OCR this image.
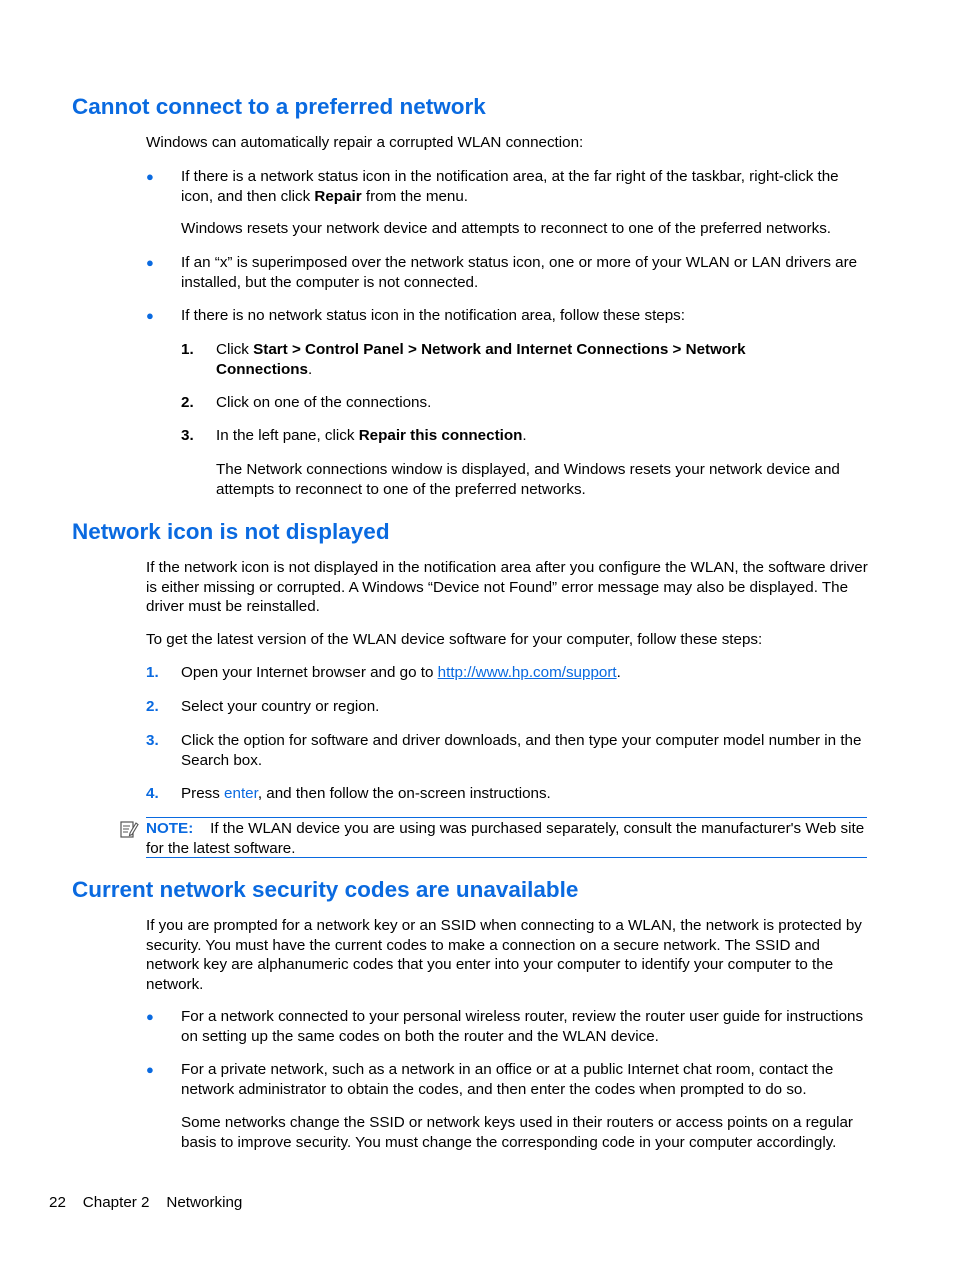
Cannot connect to a preferred network

Windows can automatically repair a corrupted WLAN connection:

● If there is a network status icon in the notification area, at the far right of the taskbar, right-click the icon, and then click Repair from the menu.

Windows resets your network device and attempts to reconnect to one of the preferred networks.

● If an “x” is superimposed over the network status icon, one or more of your WLAN or LAN drivers are installed, but the computer is not connected.

● If there is no network status icon in the notification area, follow these steps:

1. Click Start > Control Panel > Network and Internet Connections > Network Connections.

2. Click on one of the connections.

3. In the left pane, click Repair this connection.

The Network connections window is displayed, and Windows resets your network device and attempts to reconnect to one of the preferred networks.

Network icon is not displayed

If the network icon is not displayed in the notification area after you configure the WLAN, the software driver is either missing or corrupted. A Windows “Device not Found” error message may also be displayed. The driver must be reinstalled.

To get the latest version of the WLAN device software for your computer, follow these steps:

1. Open your Internet browser and go to http://www.hp.com/support.

2. Select your country or region.

3. Click the option for software and driver downloads, and then type your computer model number in the Search box.

4. Press enter, and then follow the on-screen instructions.

NOTE: If the WLAN device you are using was purchased separately, consult the manufacturer's Web site for the latest software.

Current network security codes are unavailable

If you are prompted for a network key or an SSID when connecting to a WLAN, the network is protected by security. You must have the current codes to make a connection on a secure network. The SSID and network key are alphanumeric codes that you enter into your computer to identify your computer to the network.

● For a network connected to your personal wireless router, review the router user guide for instructions on setting up the same codes on both the router and the WLAN device.

● For a private network, such as a network in an office or at a public Internet chat room, contact the network administrator to obtain the codes, and then enter the codes when prompted to do so.

Some networks change the SSID or network keys used in their routers or access points on a regular basis to improve security. You must change the corresponding code in your computer accordingly.

22 Chapter 2 Networking
